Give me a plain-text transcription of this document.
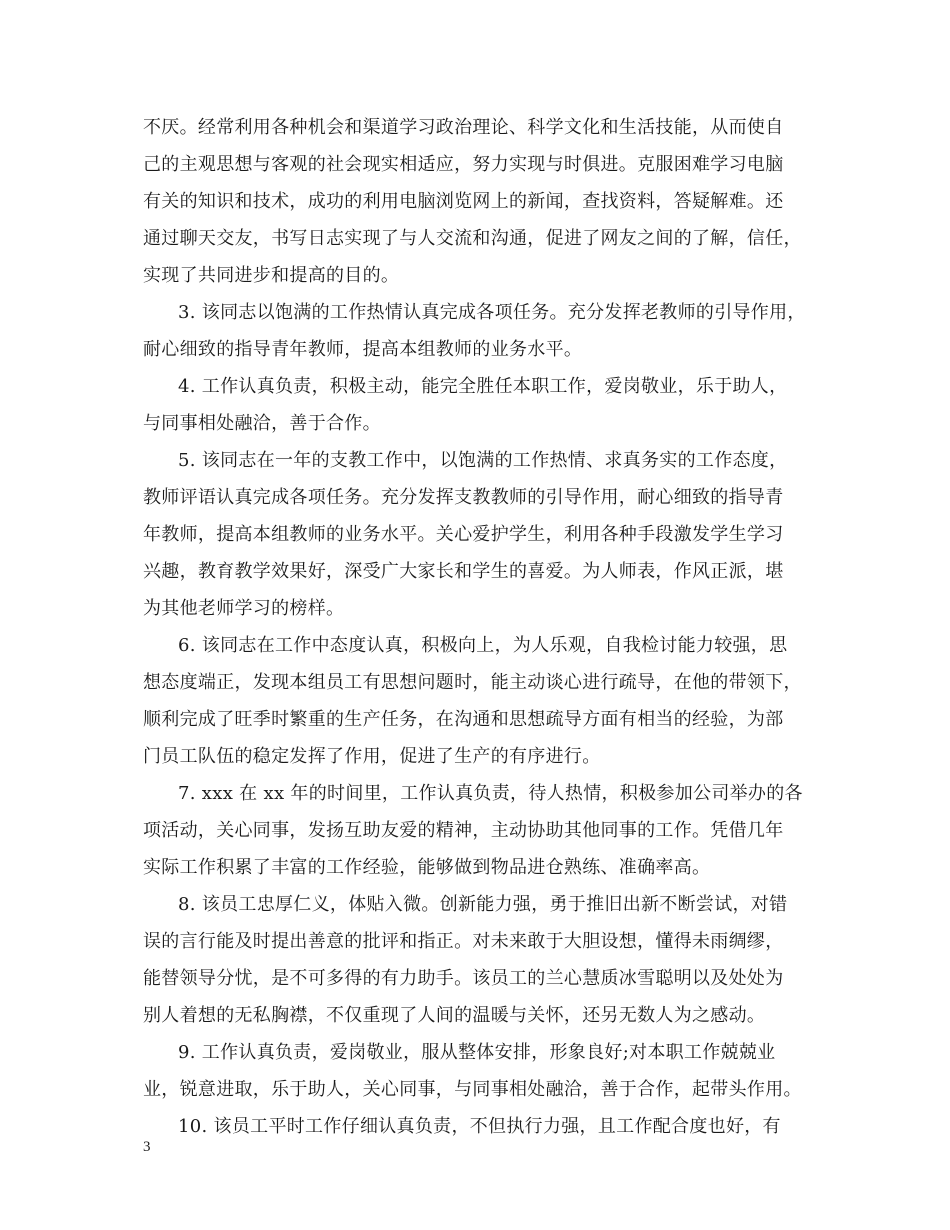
不厌。经常利用各种机会和渠道学习政治理论、科学文化和生活技能，从而使自
己的主观思想与客观的社会现实相适应，努力实现与时俱进。克服困难学习电脑
有关的知识和技术，成功的利用电脑浏览网上的新闻，查找资料，答疑解难。还
通过聊天交友，书写日志实现了与人交流和沟通，促进了网友之间的了解，信任，
实现了共同进步和提高的目的。
3. 该同志以饱满的工作热情认真完成各项任务。充分发挥老教师的引导作用，
耐心细致的指导青年教师，提高本组教师的业务水平。
4. 工作认真负责，积极主动，能完全胜任本职工作，爱岗敬业，乐于助人，
与同事相处融洽，善于合作。
5. 该同志在一年的支教工作中，以饱满的工作热情、求真务实的工作态度，
教师评语认真完成各项任务。充分发挥支教教师的引导作用，耐心细致的指导青
年教师，提高本组教师的业务水平。关心爱护学生，利用各种手段激发学生学习
兴趣，教育教学效果好，深受广大家长和学生的喜爱。为人师表，作风正派，堪
为其他老师学习的榜样。
6. 该同志在工作中态度认真，积极向上，为人乐观，自我检讨能力较强，思
想态度端正，发现本组员工有思想问题时，能主动谈心进行疏导，在他的带领下，
顺利完成了旺季时繁重的生产任务，在沟通和思想疏导方面有相当的经验，为部
门员工队伍的稳定发挥了作用，促进了生产的有序进行。
7. xxx 在 xx 年的时间里，工作认真负责，待人热情，积极参加公司举办的各
项活动，关心同事，发扬互助友爱的精神，主动协助其他同事的工作。凭借几年
实际工作积累了丰富的工作经验，能够做到物品进仓熟练、准确率高。
8. 该员工忠厚仁义，体贴入微。创新能力强，勇于推旧出新不断尝试，对错
误的言行能及时提出善意的批评和指正。对未来敢于大胆设想，懂得未雨绸缪，
能替领导分忧，是不可多得的有力助手。该员工的兰心慧质冰雪聪明以及处处为
别人着想的无私胸襟，不仅重现了人间的温暖与关怀，还另无数人为之感动。
9. 工作认真负责，爱岗敬业，服从整体安排，形象良好;对本职工作兢兢业
业，锐意进取，乐于助人，关心同事，与同事相处融洽，善于合作，起带头作用。
10. 该员工平时工作仔细认真负责，不但执行力强，且工作配合度也好，有
3
